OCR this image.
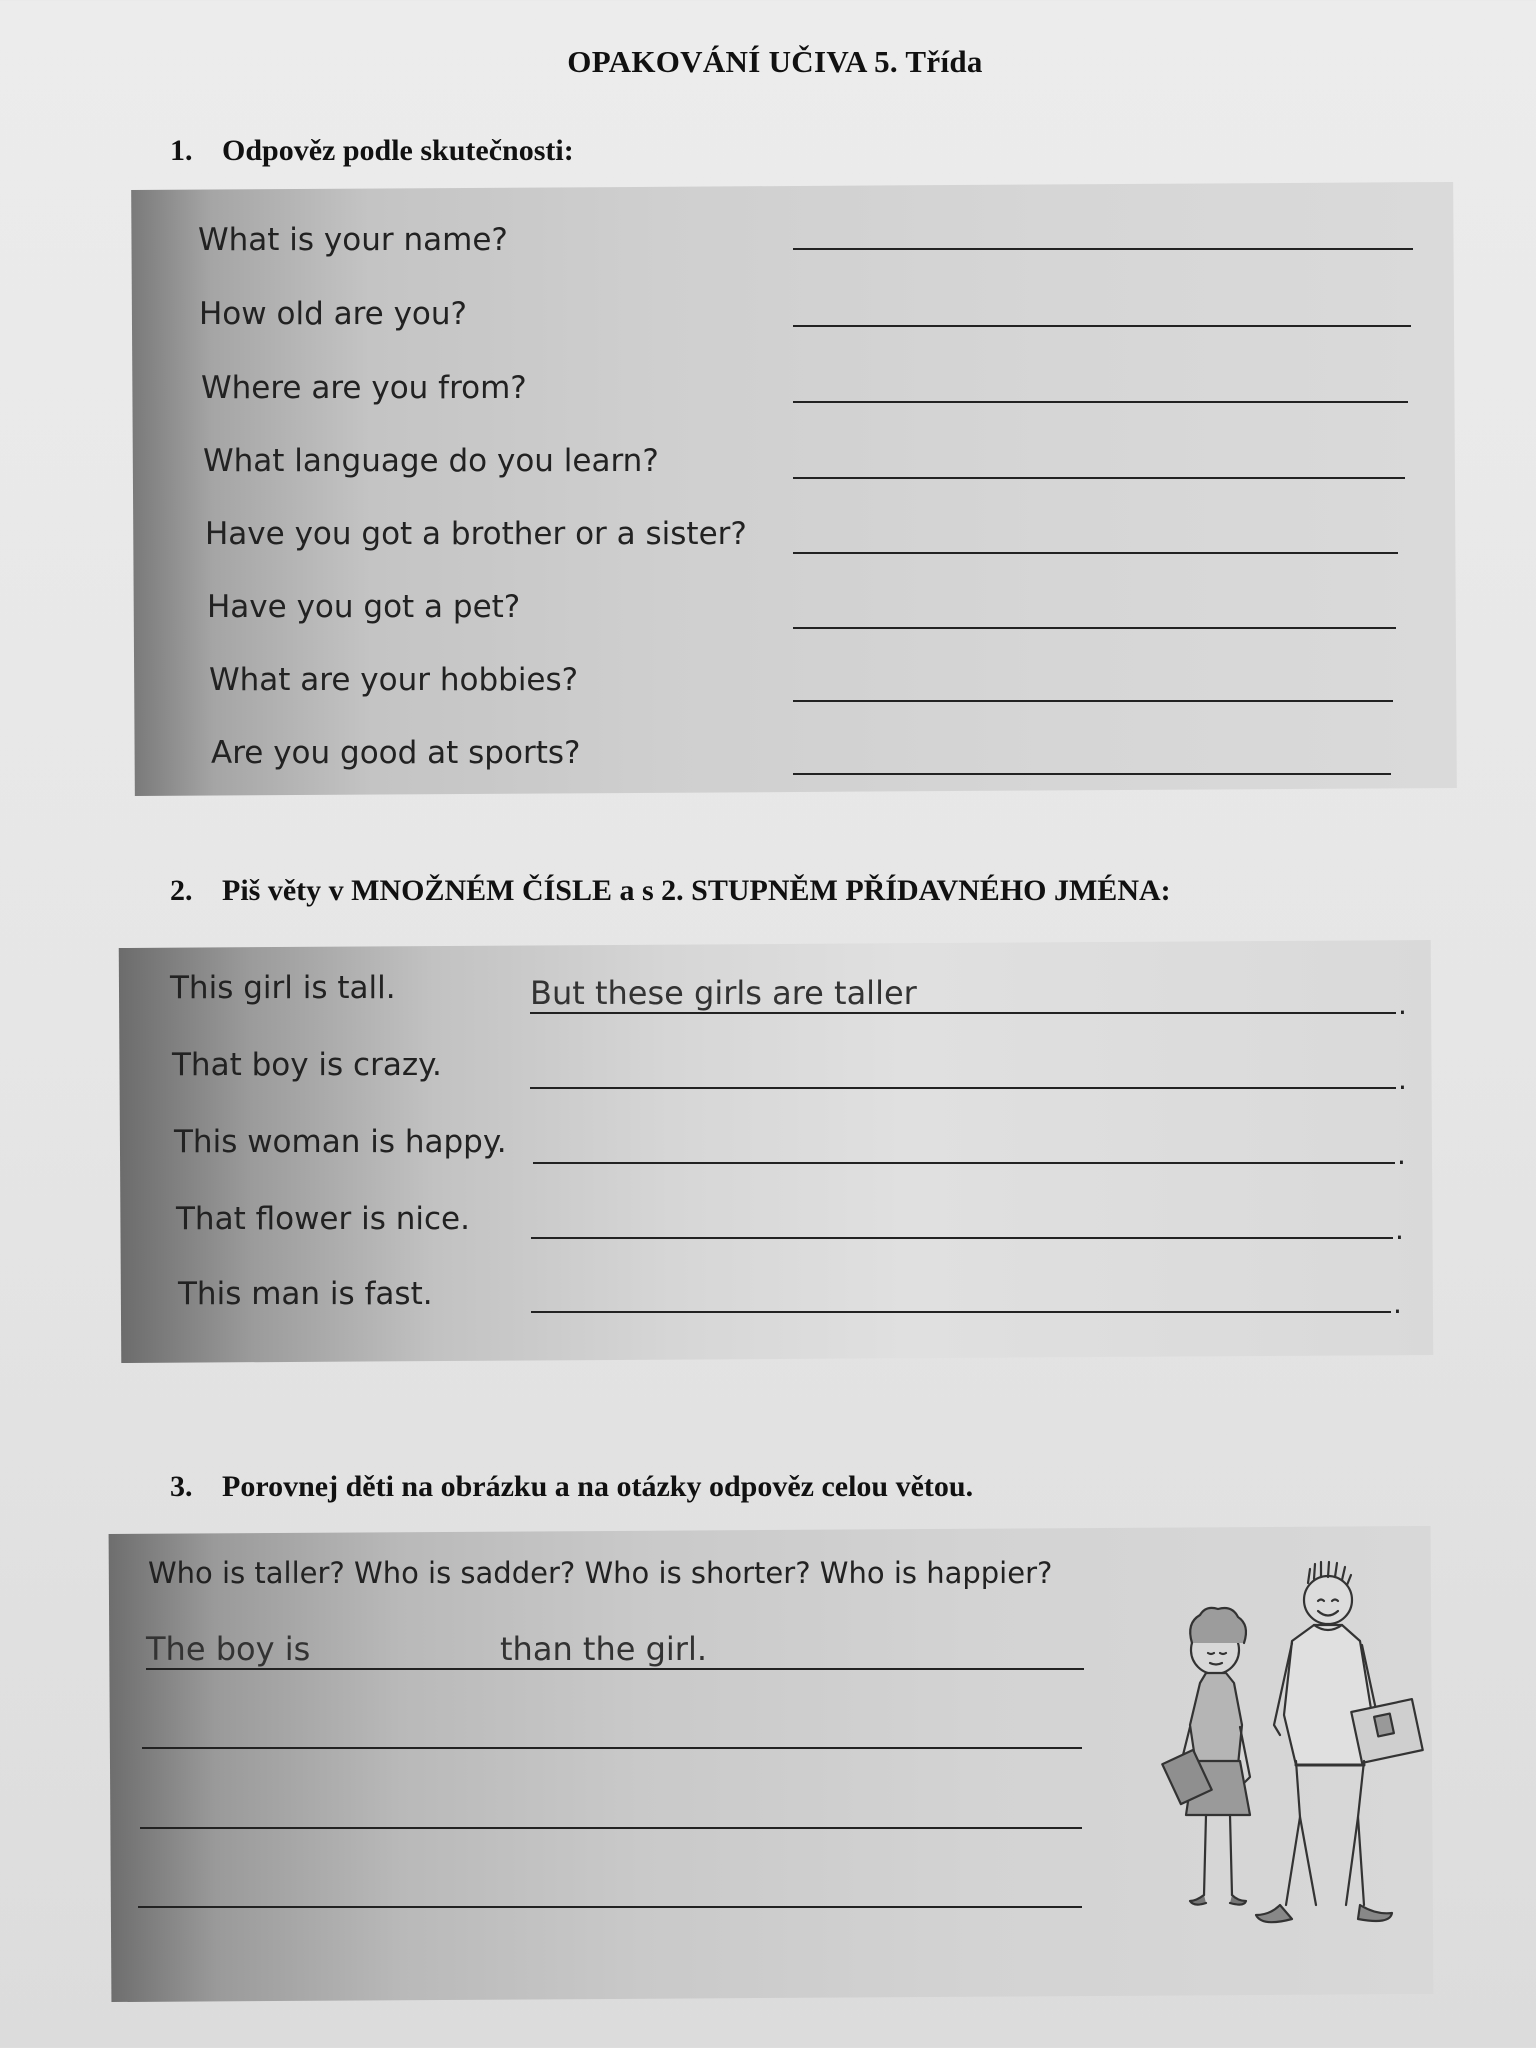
OPAKOVÁNÍ UČIVA 5. Třída
1. Odpověz podle skutečnosti:
What is your name?
How old are you?
Where are you from?
What language do you learn?
Have you got a brother or a sister?
Have you got a pet?
What are your hobbies?
Are you good at sports?
2. Piš věty v MNOŽNÉM ČÍSLE a s 2. STUPNĚM PŘÍDAVNÉHO JMÉNA:
This girl is tall.	But these girls are taller	.
That boy is crazy.	.
This woman is happy.	.
That flower is nice.	.
This man is fast.	.
3. Porovnej děti na obrázku a na otázky odpověz celou větou.
Who is taller? Who is sadder? Who is shorter? Who is happier?
The boy is	than the girl.
